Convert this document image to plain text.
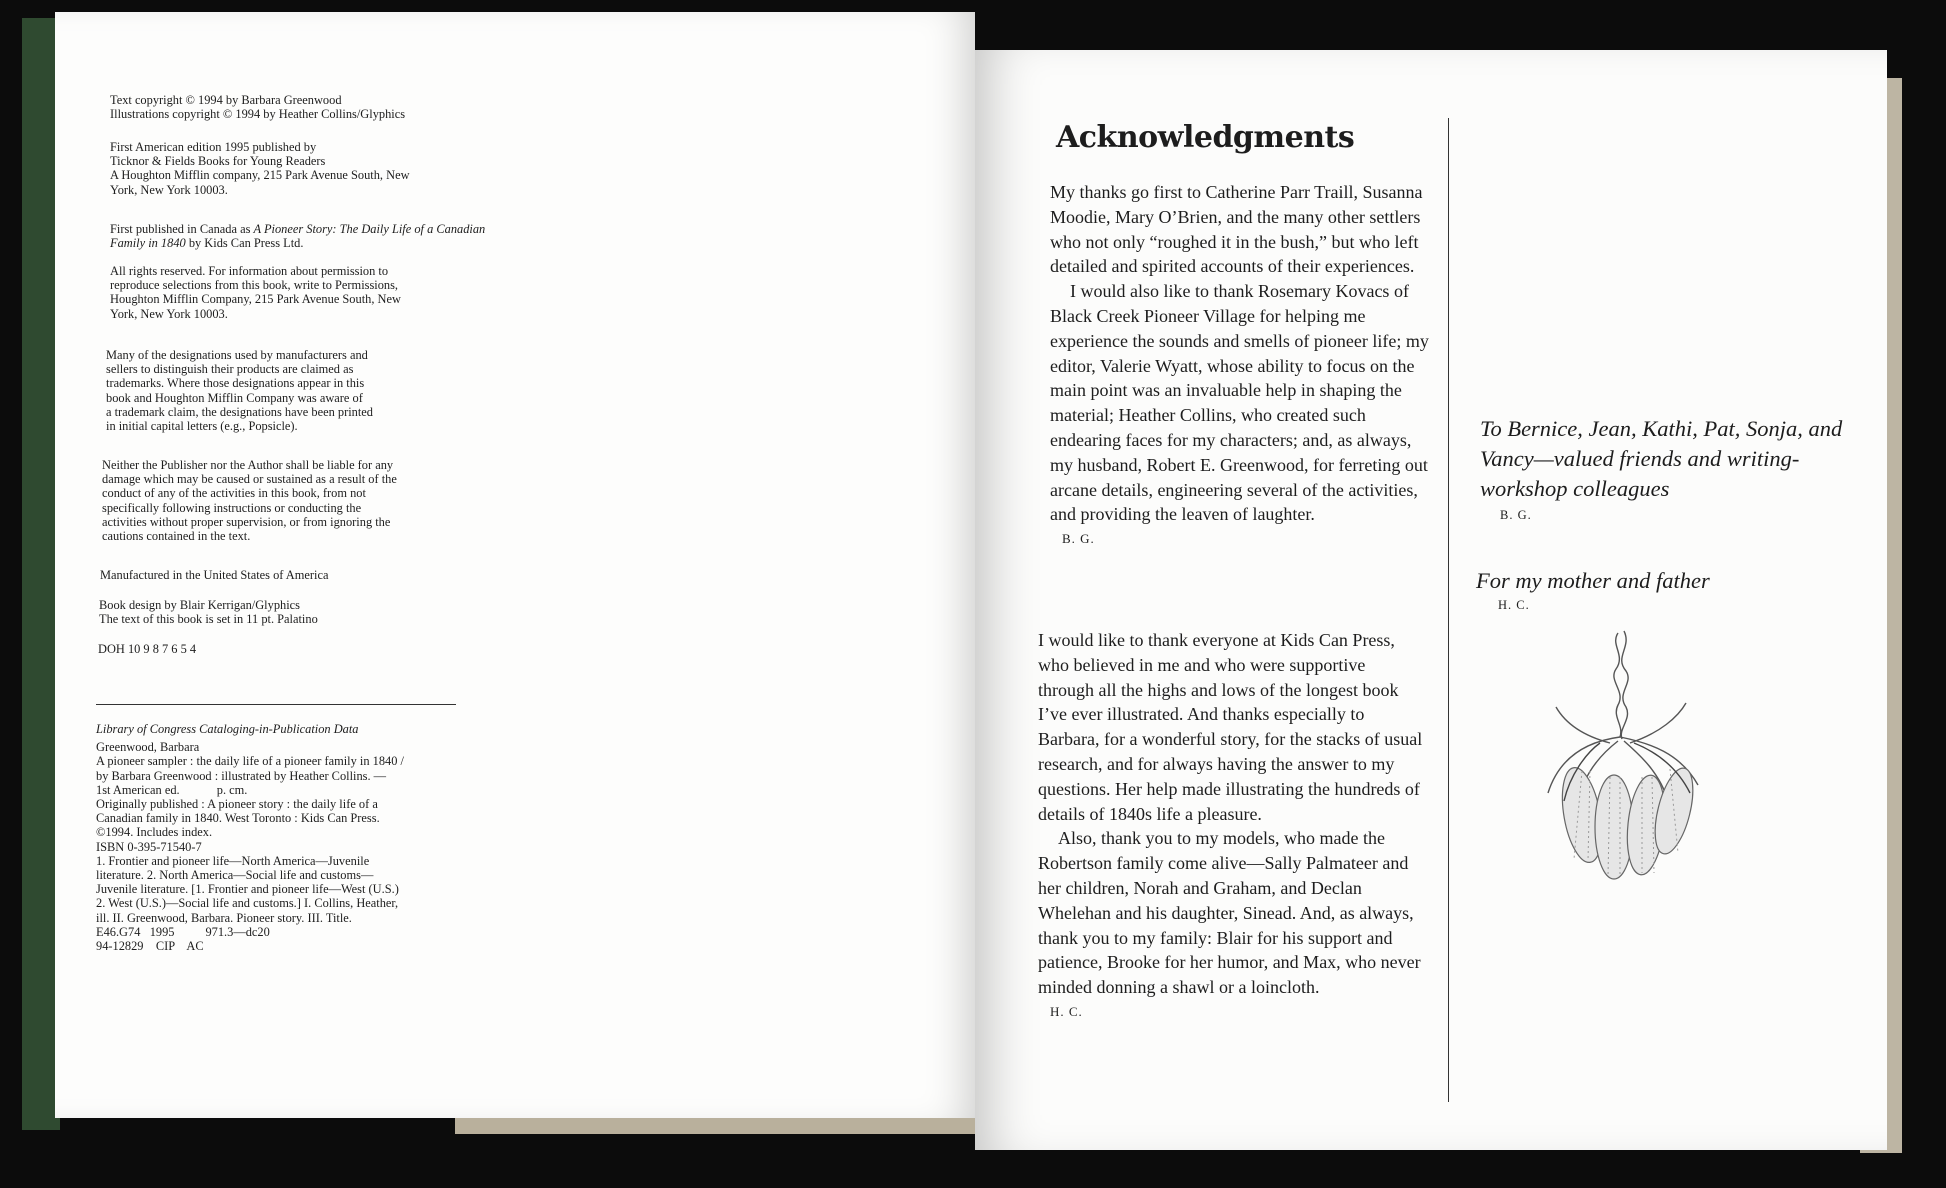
Text copyright © 1994 by Barbara Greenwood

Illustrations copyright © 1994 by Heather Collins/Glyphics

First American edition 1995 published by

Ticknor & Fields Books for Young Readers

A Houghton Mifflin company, 215 Park Avenue South, New

York, New York 10003.

First published in Canada as A Pioneer Story: The Daily Life of a Canadian Family in 1840 by Kids Can Press Ltd.

All rights reserved. For information about permission to

reproduce selections from this book, write to Permissions,

Houghton Mifflin Company, 215 Park Avenue South, New

York, New York 10003.

Many of the designations used by manufacturers and

sellers to distinguish their products are claimed as

trademarks. Where those designations appear in this

book and Houghton Mifflin Company was aware of

a trademark claim, the designations have been printed

in initial capital letters (e.g., Popsicle).

Neither the Publisher nor the Author shall be liable for any

damage which may be caused or sustained as a result of the

conduct of any of the activities in this book, from not

specifically following instructions or conducting the

activities without proper supervision, or from ignoring the

cautions contained in the text.

Manufactured in the United States of America

Book design by Blair Kerrigan/Glyphics

The text of this book is set in 11 pt. Palatino

DOH 10 9 8 7 6 5 4

Library of Congress Cataloging-in-Publication Data

Greenwood, Barbara

A pioneer sampler : the daily life of a pioneer family in 1840 /

by Barbara Greenwood : illustrated by Heather Collins. —

1st American ed.            p. cm.

Originally published : A pioneer story : the daily life of a

Canadian family in 1840. West Toronto : Kids Can Press.

©1994. Includes index.

ISBN 0-395-71540-7

1. Frontier and pioneer life—North America—Juvenile

literature. 2. North America—Social life and customs—

Juvenile literature. [1. Frontier and pioneer life—West (U.S.)

2. West (U.S.)—Social life and customs.] I. Collins, Heather,

ill. II. Greenwood, Barbara. Pioneer story. III. Title.

E46.G74   1995          971.3—dc20

94-12829    CIP    AC

Acknowledgments

My thanks go first to Catherine Parr Traill, Susanna Moodie, Mary O’Brien, and the many other settlers who not only “roughed it in the bush,” but who left detailed and spirited accounts of their experiences.

I would also like to thank Rosemary Kovacs of Black Creek Pioneer Village for helping me experience the sounds and smells of pioneer life; my editor, Valerie Wyatt, whose ability to focus on the main point was an invaluable help in shaping the material; Heather Collins, who created such endearing faces for my characters; and, as always, my husband, Robert E. Greenwood, for ferreting out arcane details, engineering several of the activities, and providing the leaven of laughter.

B. G.

I would like to thank everyone at Kids Can Press, who believed in me and who were supportive through all the highs and lows of the longest book I’ve ever illustrated. And thanks especially to Barbara, for a wonderful story, for the stacks of usual research, and for always having the answer to my questions. Her help made illustrating the hundreds of details of 1840s life a pleasure.

Also, thank you to my models, who made the Robertson family come alive—Sally Palmateer and her children, Norah and Graham, and Declan Whelehan and his daughter, Sinead. And, as always, thank you to my family: Blair for his support and patience, Brooke for her humor, and Max, who never minded donning a shawl or a loincloth.

H. C.

To Bernice, Jean, Kathi, Pat, Sonja, and Vancy—valued friends and writing-workshop colleagues

B. G.

For my mother and father

H. C.
